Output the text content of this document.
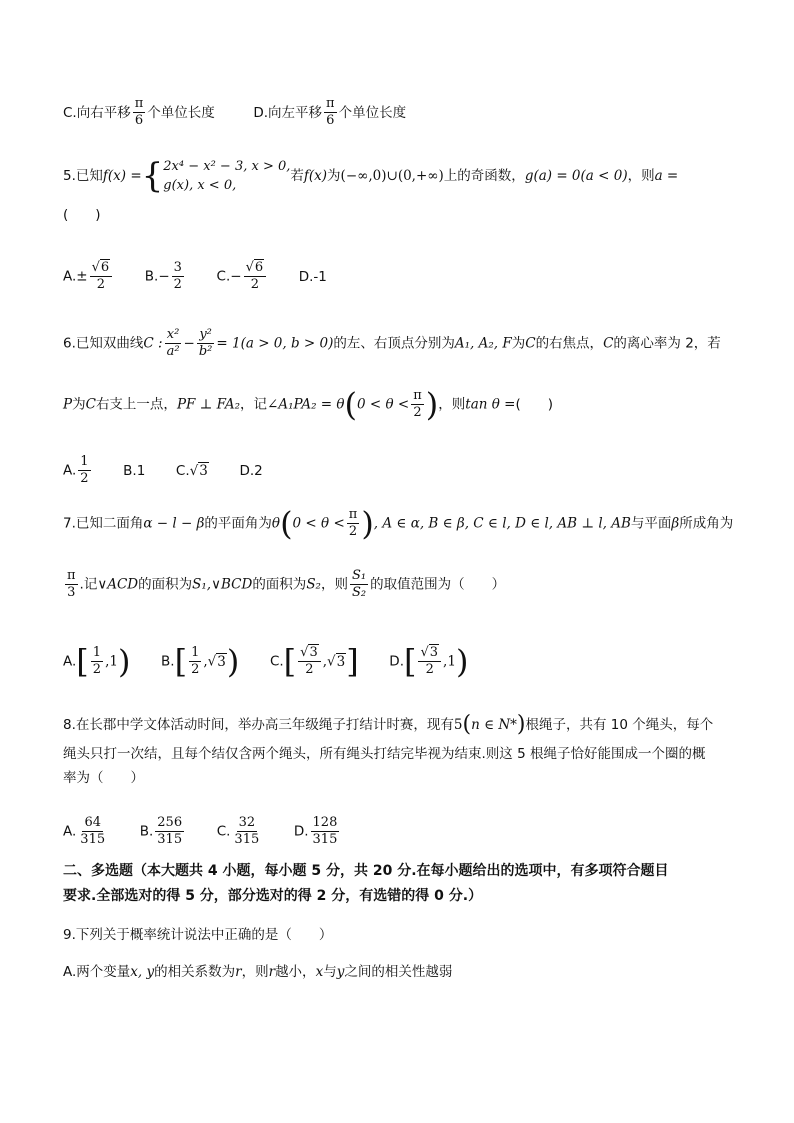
C.向右平移 $\frac{\pi}{6}$ 个单位长度	D.向左平移 $\frac{\pi}{6}$ 个单位长度
5.已知f(x) ={ 2x⁴ − x² − 3, x > 0,
g(x), x < 0,
若f(x)为(−∞,0)∪(0,+∞)上的奇函数，g(a) = 0(a < 0)，则a =
(　　)
$A.\pm \frac{√6}{2} B.- \frac{3}{2} C.- \frac{√6}{2} D.-1$
6.已知双曲线C : $\frac{\text{x²}}{\text{a²}} - \frac{\text{y²}}{\text{b²}} = 1(a > 0$, b > 0)的左、右顶点分别为A₁, A₂, F为C的右焦点，C的离心率为 2，若
P为C右支上一点，PF ⊥ FA₂，记∠A₁PA₂ = $\theta(0 < \theta < \frac{\pi}{2}$ )，则tan θ =(　　)
A. $\frac{1}{2} B.1$ C.√3 D.2
7.已知二面角α − l − β的平面角为$\theta(0 < \theta < \frac{\pi}{2}$ ), A ∈ α, B ∈ β, C ∈ l, D ∈ l, AB ⊥ l, AB与平面β所成角为
$\frac{\pi}{3}$ .记∨ACD的面积为S₁,∨BCD的面积为S₂，则 $\frac{\text{S₁}}{\text{S₂}}$ 的取值范围为（　　）
$A.[ \frac{1}{2} ,1)$ $B.[ \frac{1}{2} ,√3)$ $C.[ \frac{√3}{2} ,√3]$ $D.[ \frac{√3}{2} ,1)$
8.在长郡中学文体活动时间，举办高三年级绳子打结计时赛，现有5(n ∈ N*)根绳子，共有 10 个绳头，每个
绳头只打一次结，且每个结仅含两个绳头，所有绳头打结完毕视为结束.则这 5 根绳子恰好能围成一个圈的概
率为（　　）
A. $\frac{64}{315} B$. $\frac{256}{315} C$. $\frac{32}{315} D$. $\frac{128}{315}$
二、多选题（本大题共 4 小题，每小题 5 分，共 20 分.在每小题给出的选项中，有多项符合题目
要求.全部选对的得 5 分，部分选对的得 2 分，有选错的得 0 分.）
9.下列关于概率统计说法中正确的是（　　）
A.两个变量x, y的相关系数为r，则r越小，x与y之间的相关性越弱
